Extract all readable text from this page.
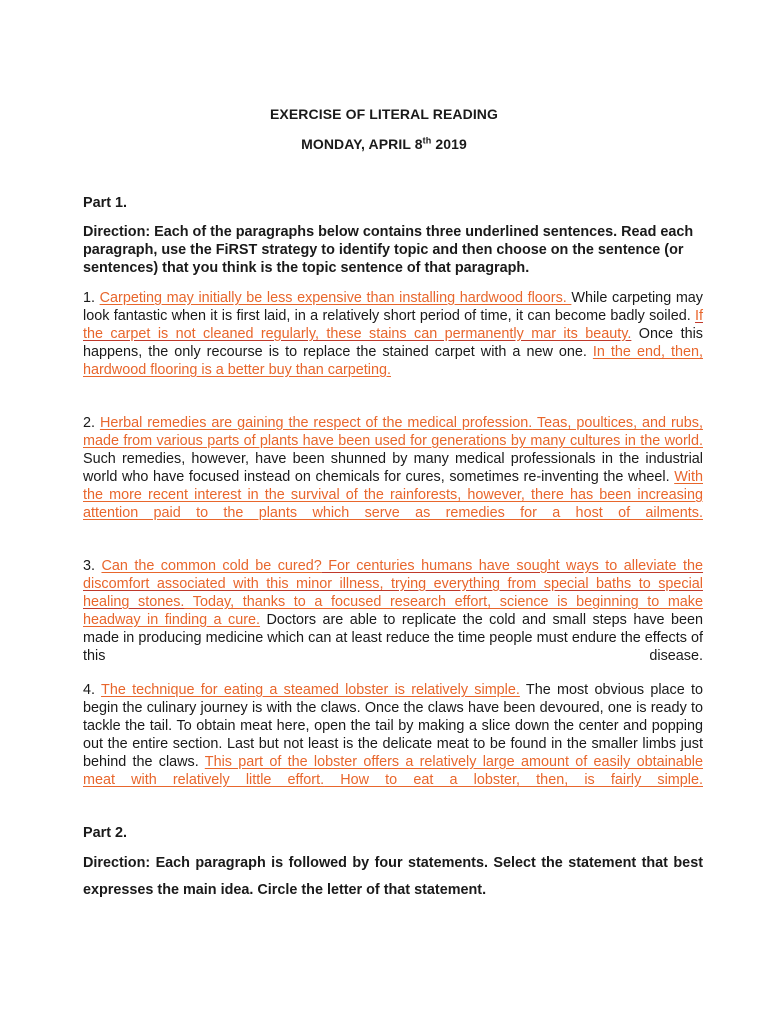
EXERCISE OF LITERAL READING
MONDAY, APRIL 8th 2019
Part 1.
Direction: Each of the paragraphs below contains three underlined sentences. Read each paragraph, use the FiRST strategy to identify topic and then choose on the sentence (or sentences) that you think is the topic sentence of that paragraph.
1. Carpeting may initially be less expensive than installing hardwood floors. While carpeting may look fantastic when it is first laid, in a relatively short period of time, it can become badly soiled. If the carpet is not cleaned regularly, these stains can permanently mar its beauty. Once this happens, the only recourse is to replace the stained carpet with a new one. In the end, then, hardwood flooring is a better buy than carpeting.
2. Herbal remedies are gaining the respect of the medical profession. Teas, poultices, and rubs, made from various parts of plants have been used for generations by many cultures in the world. Such remedies, however, have been shunned by many medical professionals in the industrial world who have focused instead on chemicals for cures, sometimes re-inventing the wheel. With the more recent interest in the survival of the rainforests, however, there has been increasing attention paid to the plants which serve as remedies for a host of ailments.
3. Can the common cold be cured? For centuries humans have sought ways to alleviate the discomfort associated with this minor illness, trying everything from special baths to special healing stones. Today, thanks to a focused research effort, science is beginning to make headway in finding a cure. Doctors are able to replicate the cold and small steps have been made in producing medicine which can at least reduce the time people must endure the effects of this disease.
4. The technique for eating a steamed lobster is relatively simple. The most obvious place to begin the culinary journey is with the claws. Once the claws have been devoured, one is ready to tackle the tail. To obtain meat here, open the tail by making a slice down the center and popping out the entire section. Last but not least is the delicate meat to be found in the smaller limbs just behind the claws. This part of the lobster offers a relatively large amount of easily obtainable meat with relatively little effort. How to eat a lobster, then, is fairly simple.
Part 2.
Direction: Each paragraph is followed by four statements. Select the statement that best expresses the main idea. Circle the letter of that statement.
